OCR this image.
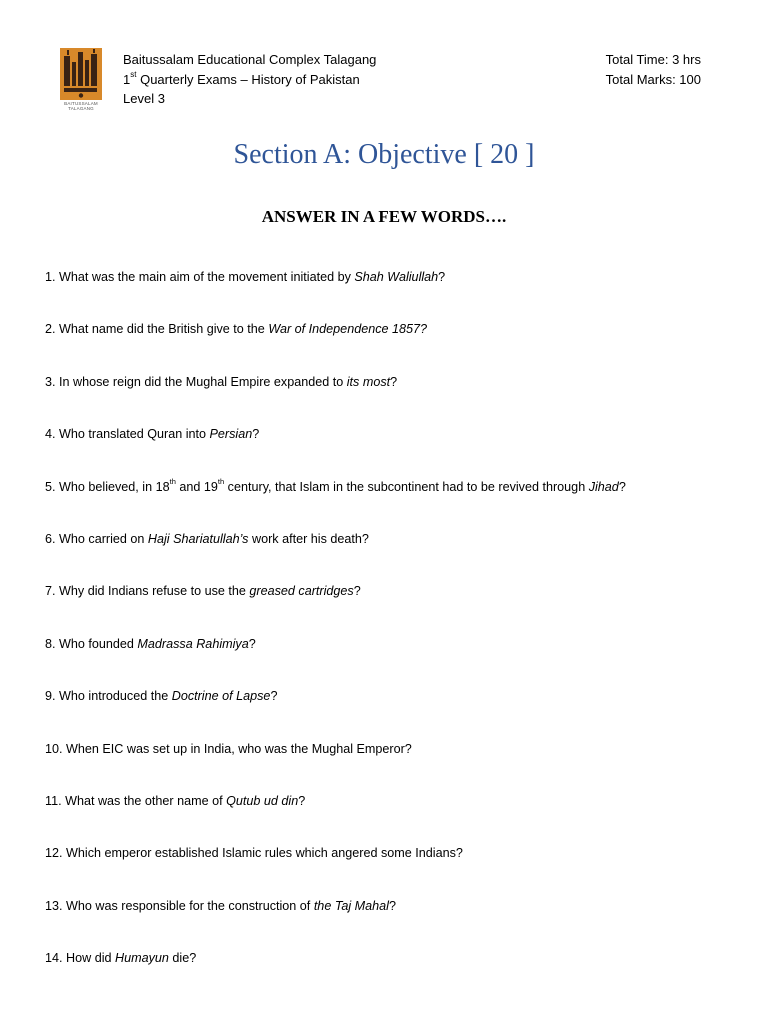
BAITUSSALAM
TALAGANG
Baitussalam Educational Complex Talagang
1st Quarterly Exams – History of Pakistan
Level 3
Total Time: 3 hrs
Total Marks: 100
Section A: Objective [ 20 ]
ANSWER IN A FEW WORDS….
1. What was the main aim of the movement initiated by Shah Waliullah?
2. What name did the British give to the War of Independence 1857?
3. In whose reign did the Mughal Empire expanded to its most?
4. Who translated Quran into Persian?
5. Who believed, in 18th and 19th century, that Islam in the subcontinent had to be revived through Jihad?
6. Who carried on Haji Shariatullah’s work after his death?
7. Why did Indians refuse to use the greased cartridges?
8. Who founded Madrassa Rahimiya?
9. Who introduced the Doctrine of Lapse?
10. When EIC was set up in India, who was the Mughal Emperor?
11. What was the other name of Qutub ud din?
12. Which emperor established Islamic rules which angered some Indians?
13. Who was responsible for the construction of the Taj Mahal?
14. How did Humayun die?
